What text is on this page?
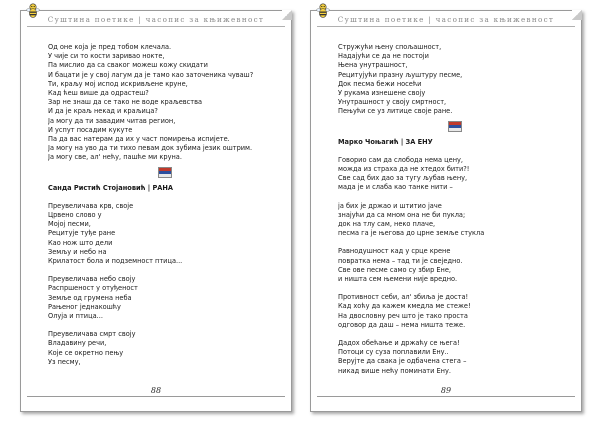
Суштина поетике | часопис за књижевност
Од оне која је пред тобом клечала.
У чије си то кости заривао нокте,
Па мислио да са сваког можеш кожу скидати
И бацати је у свој лагум да је тамо као заточеника чуваш?
Ти, краљу мој испод искривљене круне,
Кад ћеш више да одрастеш?
Зар не знаш да се тако не воде краљевства
И да је краљ некад и краљица?
Ја могу да ти завадим читав регион,
И успут посадим кукуте
Па да вас натерам да их у част помирења испијете.
Ја могу на уво да ти тихо певам док зубима језик оштрим.
Ја могу све, ал' нећу, пашће ми круна.
Санда Ристић Стојановић | РАНА
Преувеличава крв, своје
Црвено слово у
Мојој песми,
Рецитује туђе ране
Као нож што дели
Земљу и небо на
Крилатост бола и подземност птица...
Преувеличава небо своју
Распршеност у отуђеност
Земље од грумена неба
Рањеног једнакошћу
Олуја и птица...
Преувеличава смрт своју
Владавину речи,
Које се окретно пењу
Уз песму,
88
Суштина поетике | часопис за књижевност
Стружући њену спољашност,
Надајући се да не постоји
Њена унутрашност,
Рецитујући празну љуштуру песме,
Док песма бежи носећи
У рукама изнешене своју
Унутрашност у своју смртност,
Пењући се уз литице своје ране.
Марко Чоњагић | ЗА ЕНУ
Говорио сам да слобода нема цену,
можда из страха да не хтедох бити?!
Све сад бих дао за тугу љубав њену,
мада је и слаба као танке нити –
ја бих је држао и штитио јаче
знајући да са мном она не би пукла;
док на тлу сам, неко плаче,
песма га је његова до црне земље стукла
Равнодушност кад у срце крене
повратка нема – тад ти је свеједно.
Све ове песме само су збир Ене,
и ништа сем њемени није вредно.
Противност себи, ал' збиља је доста!
Кад хоћу да кажем кмедла ме стеже!
На двословну реч што је тако проста
одговор да даш – нема ништа теже.
Дадох обећање и држаћу се њега!
Потоци су суза поплавили Ену..
Верујте да свака је одбачена стега –
никад више нећу поминати Ену.
89
